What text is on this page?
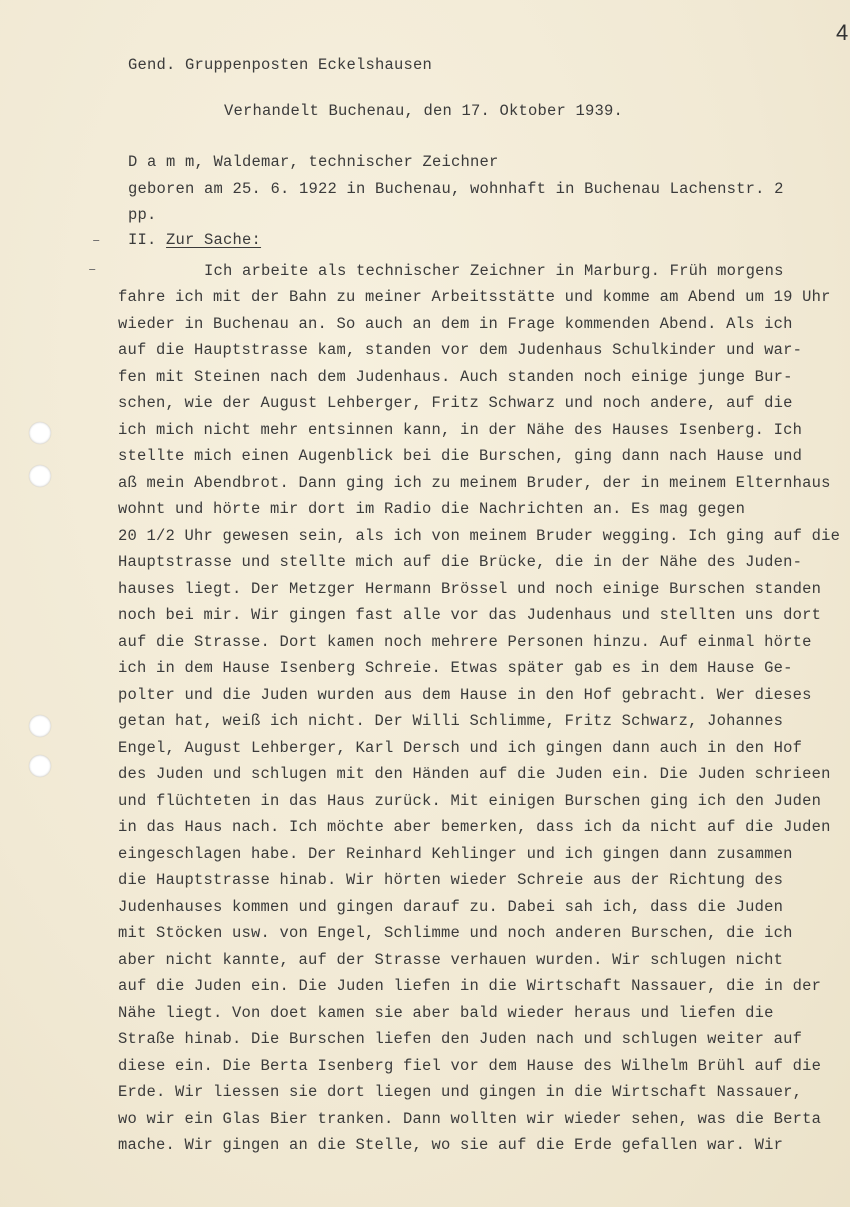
4
Gend. Gruppenposten Eckelshausen
Verhandelt Buchenau, den 17. Oktober 1939.
D a m m, Waldemar, technischer Zeichner
geboren am 25. 6. 1922 in Buchenau, wohnhaft in Buchenau Lachenstr. 2
pp.
II. Zur Sache:
Ich arbeite als technischer Zeichner in Marburg. Früh morgens
fahre ich mit der Bahn zu meiner Arbeitsstätte und komme am Abend um 19 Uhr
wieder in Buchenau an. So auch an dem in Frage kommenden Abend. Als ich
auf die Hauptstrasse kam, standen vor dem Judenhaus Schulkinder und war-
fen mit Steinen nach dem Judenhaus. Auch standen noch einige junge Bur-
schen, wie der August Lehberger, Fritz Schwarz und noch andere, auf die
ich mich nicht mehr entsinnen kann, in der Nähe des Hauses Isenberg. Ich
stellte mich einen Augenblick bei die Burschen, ging dann nach Hause und
aß mein Abendbrot. Dann ging ich zu meinem Bruder, der in meinem Elternhaus
wohnt und hörte mir dort im Radio die Nachrichten an. Es mag gegen
20 1/2 Uhr gewesen sein, als ich von meinem Bruder wegging. Ich ging auf die
Hauptstrasse und stellte mich auf die Brücke, die in der Nähe des Juden-
hauses liegt. Der Metzger Hermann Brössel und noch einige Burschen standen
noch bei mir. Wir gingen fast alle vor das Judenhaus und stellten uns dort
auf die Strasse. Dort kamen noch mehrere Personen hinzu. Auf einmal hörte
ich in dem Hause Isenberg Schreie. Etwas später gab es in dem Hause Ge-
polter und die Juden wurden aus dem Hause in den Hof gebracht. Wer dieses
getan hat, weiß ich nicht. Der Willi Schlimme, Fritz Schwarz, Johannes
Engel, August Lehberger, Karl Dersch und ich gingen dann auch in den Hof
des Juden und schlugen mit den Händen auf die Juden ein. Die Juden schrieen
und flüchteten in das Haus zurück. Mit einigen Burschen ging ich den Juden
in das Haus nach. Ich möchte aber bemerken, dass ich da nicht auf die Juden
eingeschlagen habe. Der Reinhard Kehlinger und ich gingen dann zusammen
die Hauptstrasse hinab. Wir hörten wieder Schreie aus der Richtung des
Judenhauses kommen und gingen darauf zu. Dabei sah ich, dass die Juden
mit Stöcken usw. von Engel, Schlimme und noch anderen Burschen, die ich
aber nicht kannte, auf der Strasse verhauen wurden. Wir schlugen nicht
auf die Juden ein. Die Juden liefen in die Wirtschaft Nassauer, die in der
Nähe liegt. Von doet kamen sie aber bald wieder heraus und liefen die
Straße hinab. Die Burschen liefen den Juden nach und schlugen weiter auf
diese ein. Die Berta Isenberg fiel vor dem Hause des Wilhelm Brühl auf die
Erde. Wir liessen sie dort liegen und gingen in die Wirtschaft Nassauer,
wo wir ein Glas Bier tranken. Dann wollten wir wieder sehen, was die Berta
mache. Wir gingen an die Stelle, wo sie auf die Erde gefallen war. Wir
–
–
